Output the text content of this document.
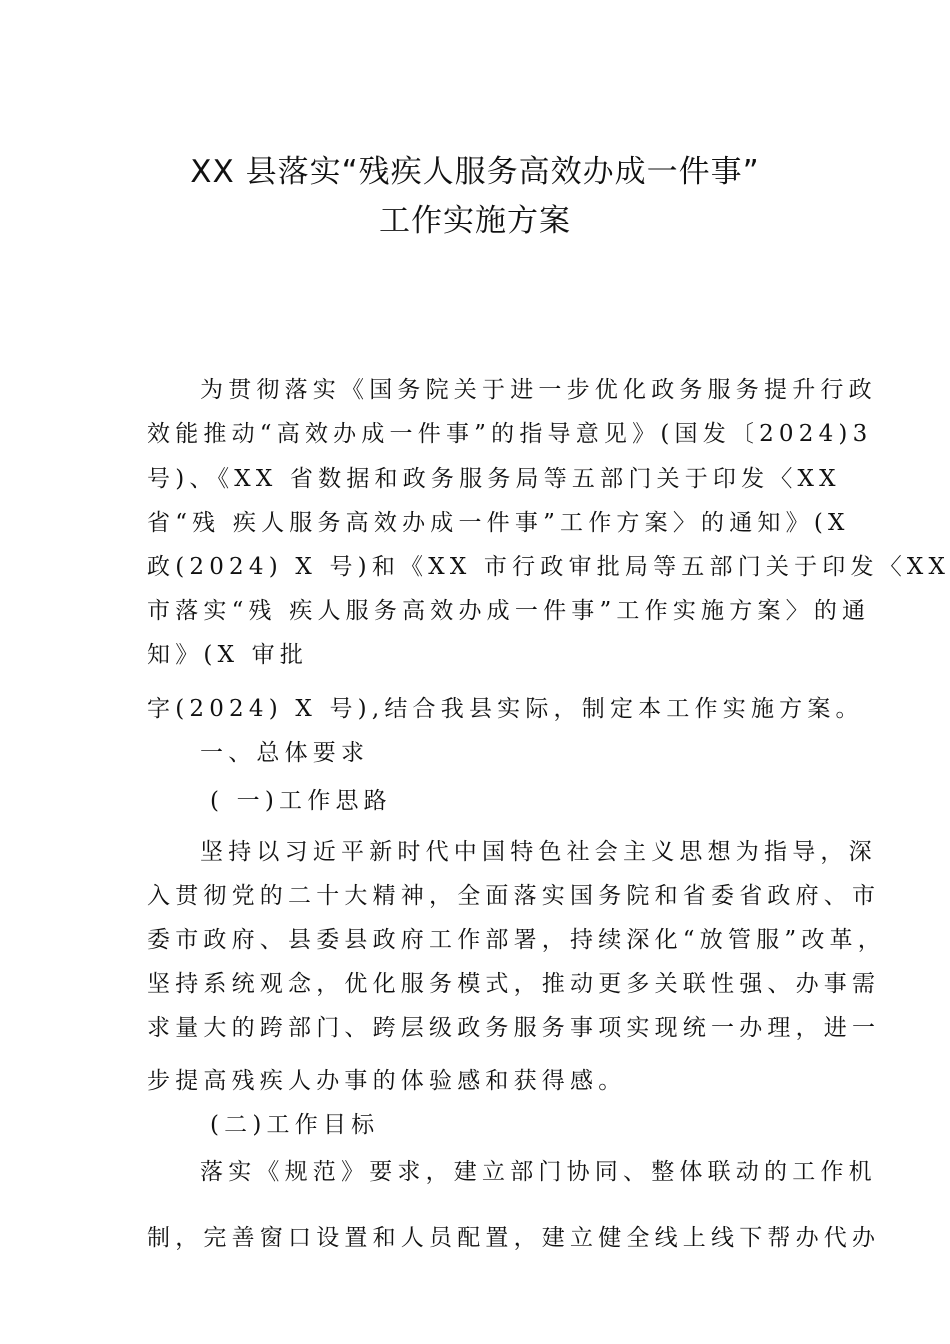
XX 县落实“残疾人服务高效办成一件事”
工作实施方案
为贯彻落实《国务院关于进一步优化政务服务提升行政
效能推动“高效办成一件事”的指导意见》(国发〔2024)3
号)、《XX 省数据和政务服务局等五部门关于印发〈XX
省“残 疾人服务高效办成一件事”工作方案〉的通知》(X
政(2024) X 号)和《XX 市行政审批局等五部门关于印发〈XX
市落实“残 疾人服务高效办成一件事”工作实施方案〉的通
知》(X 审批
字(2024) X 号),结合我县实际，制定本工作实施方案。
一、总体要求
( 一)工作思路
坚持以习近平新时代中国特色社会主义思想为指导，深
入贯彻党的二十大精神，全面落实国务院和省委省政府、市
委市政府、县委县政府工作部署，持续深化“放管服”改革，
坚持系统观念，优化服务模式，推动更多关联性强、办事需
求量大的跨部门、跨层级政务服务事项实现统一办理，进一
步提高残疾人办事的体验感和获得感。
(二)工作目标
落实《规范》要求，建立部门协同、整体联动的工作机
制，完善窗口设置和人员配置，建立健全线上线下帮办代办
